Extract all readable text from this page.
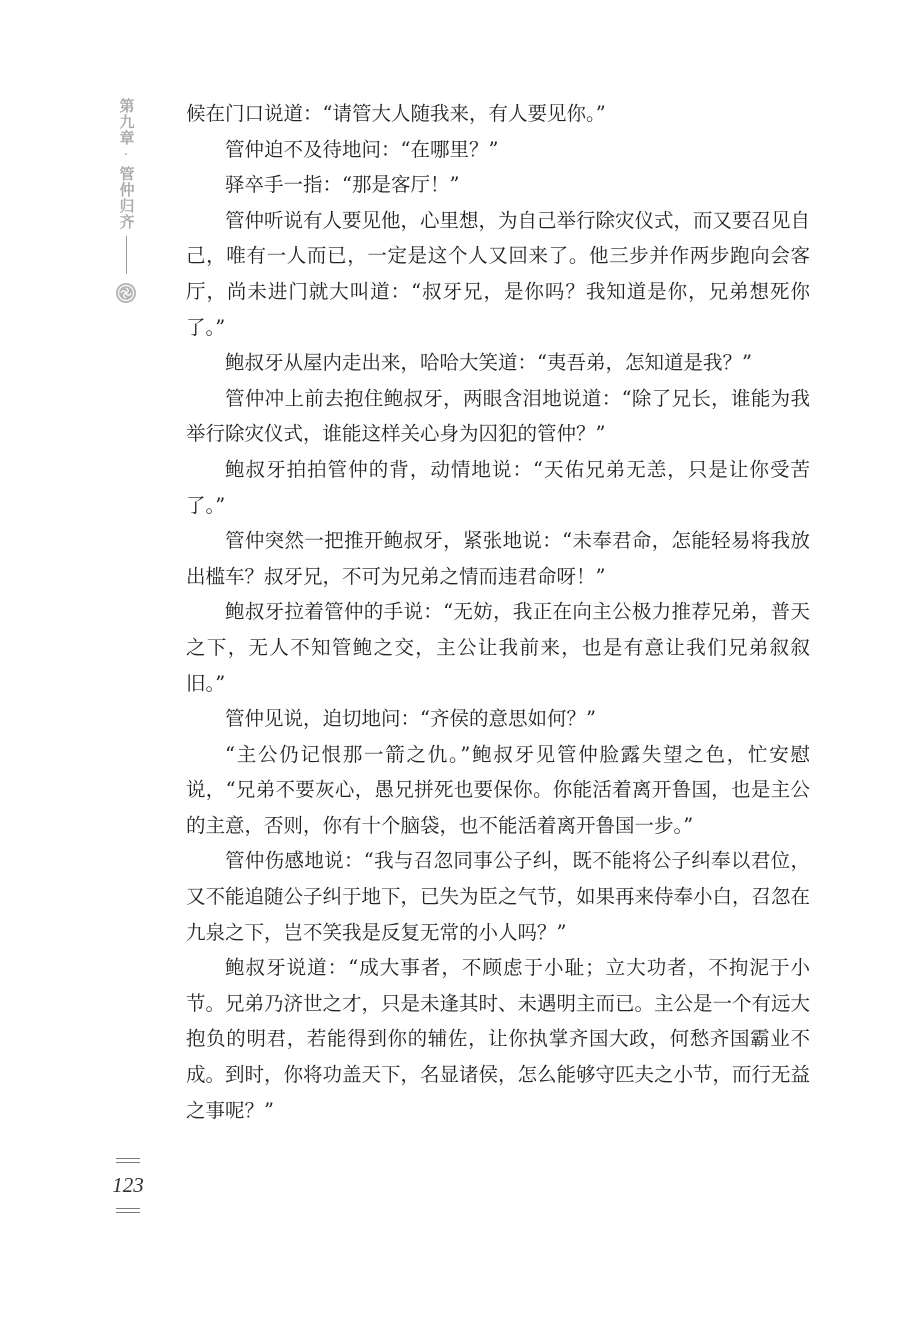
第九章
·
管仲归齐

候在门口说道：“请管大人随我来，有人要见你。”

管仲迫不及待地问：“在哪里？”

驿卒手一指：“那是客厅！”

管仲听说有人要见他，心里想，为自己举行除灾仪式，而又要召见自己，唯有一人而已，一定是这个人又回来了。他三步并作两步跑向会客厅，尚未进门就大叫道：“叔牙兄，是你吗？我知道是你，兄弟想死你了。”

鲍叔牙从屋内走出来，哈哈大笑道：“夷吾弟，怎知道是我？”

管仲冲上前去抱住鲍叔牙，两眼含泪地说道：“除了兄长，谁能为我举行除灾仪式，谁能这样关心身为囚犯的管仲？”

鲍叔牙拍拍管仲的背，动情地说：“天佑兄弟无恙，只是让你受苦了。”

管仲突然一把推开鲍叔牙，紧张地说：“未奉君命，怎能轻易将我放出槛车？叔牙兄，不可为兄弟之情而违君命呀！”

鲍叔牙拉着管仲的手说：“无妨，我正在向主公极力推荐兄弟，普天之下，无人不知管鲍之交，主公让我前来，也是有意让我们兄弟叙叙旧。”

管仲见说，迫切地问：“齐侯的意思如何？”

“主公仍记恨那一箭之仇。”鲍叔牙见管仲脸露失望之色，忙安慰说，“兄弟不要灰心，愚兄拼死也要保你。你能活着离开鲁国，也是主公的主意，否则，你有十个脑袋，也不能活着离开鲁国一步。”

管仲伤感地说：“我与召忽同事公子纠，既不能将公子纠奉以君位，又不能追随公子纠于地下，已失为臣之气节，如果再来侍奉小白，召忽在九泉之下，岂不笑我是反复无常的小人吗？”

鲍叔牙说道：“成大事者，不顾虑于小耻；立大功者，不拘泥于小节。兄弟乃济世之才，只是未逢其时、未遇明主而已。主公是一个有远大抱负的明君，若能得到你的辅佐，让你执掌齐国大政，何愁齐国霸业不成。到时，你将功盖天下，名显诸侯，怎么能够守匹夫之小节，而行无益之事呢？”

123
